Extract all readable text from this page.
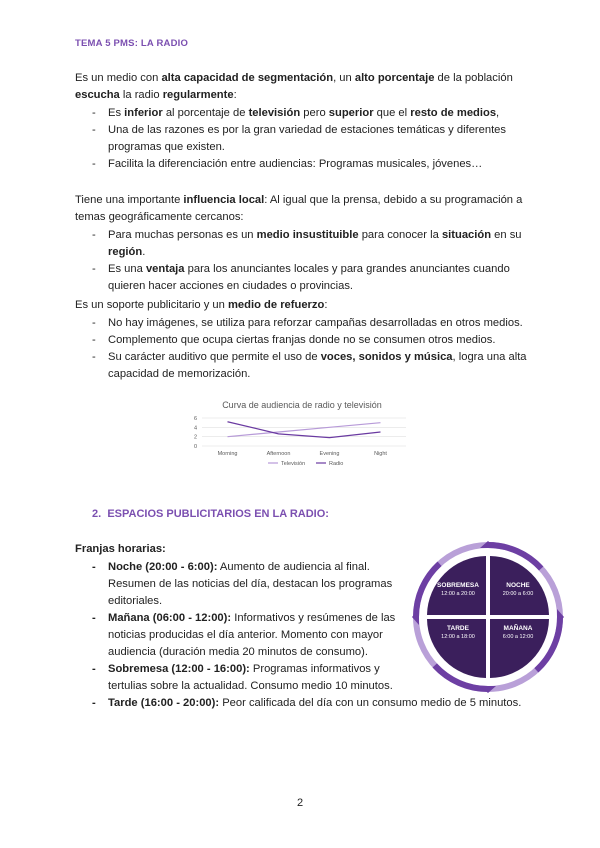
TEMA 5 PMS: LA RADIO
Es un medio con alta capacidad de segmentación, un alto porcentaje de la población escucha la radio regularmente:
- Es inferior al porcentaje de televisión pero superior que el resto de medios,
- Una de las razones es por la gran variedad de estaciones temáticas y diferentes programas que existen.
- Facilita la diferenciación entre audiencias: Programas musicales, jóvenes…
Tiene una importante influencia local: Al igual que la prensa, debido a su programación a temas geográficamente cercanos:
- Para muchas personas es un medio insustituible para conocer la situación en su región.
- Es una ventaja para los anunciantes locales y para grandes anunciantes cuando quieren hacer acciones en ciudades o provincias.
Es un soporte publicitario y un medio de refuerzo:
- No hay imágenes, se utiliza para reforzar campañas desarrolladas en otros medios.
- Complemento que ocupa ciertas franjas donde no se consumen otros medios.
- Su carácter auditivo que permite el uso de voces, sonidos y música, logra una alta capacidad de memorización.
Curva de audiencia de radio y televisión
0
2
4
6
Morning	Afternoon	Evening	Night
Televisión	Radio
2. ESPACIOS PUBLICITARIOS EN LA RADIO:
Franjas horarias:
- Noche (20:00 - 6:00): Aumento de audiencia al final. Resumen de las noticias del día, destacan los programas editoriales.
- Mañana (06:00 - 12:00): Informativos y resúmenes de las noticias producidas el día anterior. Momento con mayor audiencia (duración media 20 minutos de consumo).
- Sobremesa (12:00 - 16:00): Programas informativos y tertulias sobre la actualidad. Consumo medio 10 minutos.
- Tarde (16:00 - 20:00): Peor calificada del día con un consumo medio de 5 minutos.
SOBREMESA
12:00 a 20:00
NOCHE
20:00 a 6:00
TARDE
12:00 a 18:00
MAÑANA
6:00 a 12:00
2
